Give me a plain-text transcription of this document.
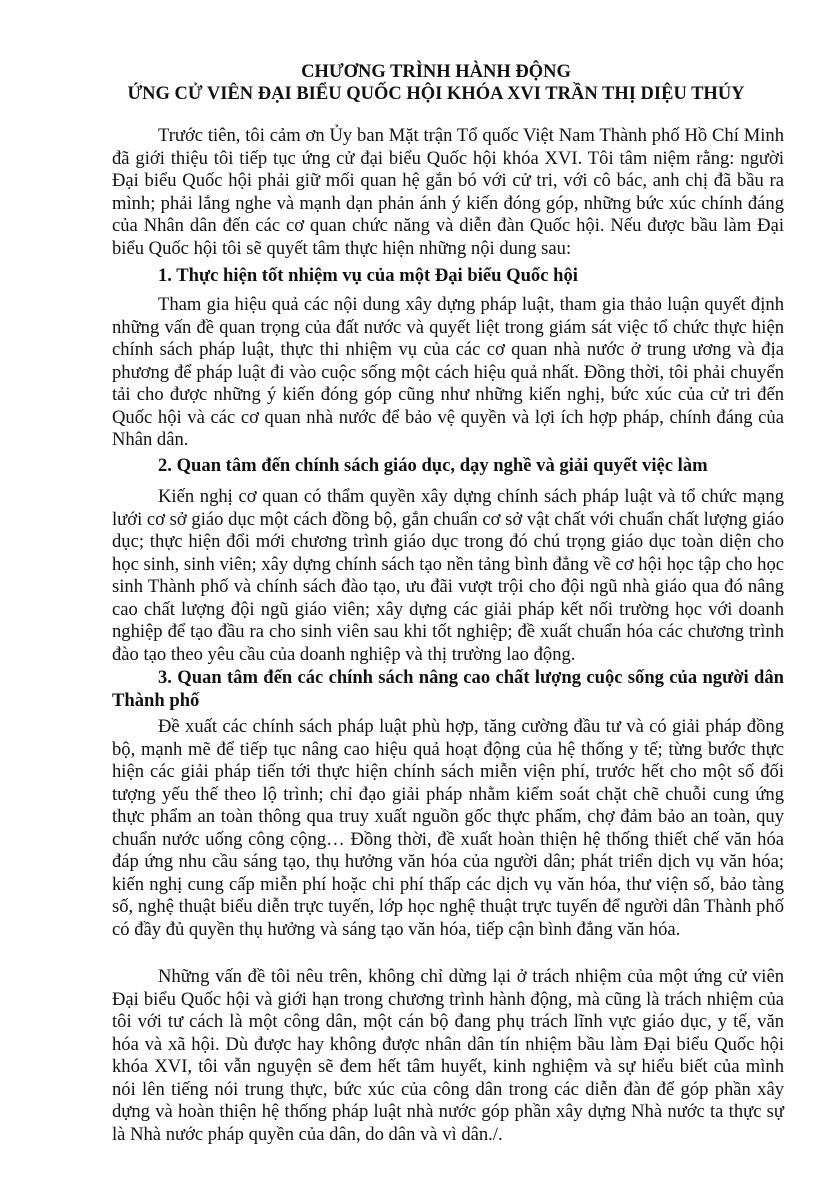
CHƯƠNG TRÌNH HÀNH ĐỘNG

ỨNG CỬ VIÊN ĐẠI BIỂU QUỐC HỘI KHÓA XVI TRẦN THỊ DIỆU THÚY

Trước tiên, tôi cảm ơn Ủy ban Mặt trận Tổ quốc Việt Nam Thành phố Hồ Chí Minh đã giới thiệu tôi tiếp tục ứng cử đại biểu Quốc hội khóa XVI. Tôi tâm niệm rằng: người Đại biểu Quốc hội phải giữ mối quan hệ gắn bó với cử tri, với cô bác, anh chị đã bầu ra mình; phải lắng nghe và mạnh dạn phản ánh ý kiến đóng góp, những bức xúc chính đáng của Nhân dân đến các cơ quan chức năng và diễn đàn Quốc hội. Nếu được bầu làm Đại biểu Quốc hội tôi sẽ quyết tâm thực hiện những nội dung sau:

1. Thực hiện tốt nhiệm vụ của một Đại biểu Quốc hội

Tham gia hiệu quả các nội dung xây dựng pháp luật, tham gia thảo luận quyết định những vấn đề quan trọng của đất nước và quyết liệt trong giám sát việc tổ chức thực hiện chính sách pháp luật, thực thi nhiệm vụ của các cơ quan nhà nước ở trung ương và địa phương để pháp luật đi vào cuộc sống một cách hiệu quả nhất. Đồng thời, tôi phải chuyển tải cho được những ý kiến đóng góp cũng như những kiến nghị, bức xúc của cử tri đến Quốc hội và các cơ quan nhà nước để bảo vệ quyền và lợi ích hợp pháp, chính đáng của Nhân dân.

2. Quan tâm đến chính sách giáo dục, dạy nghề và giải quyết việc làm

Kiến nghị cơ quan có thẩm quyền xây dựng chính sách pháp luật và tổ chức mạng lưới cơ sở giáo dục một cách đồng bộ, gắn chuẩn cơ sở vật chất với chuẩn chất lượng giáo dục; thực hiện đổi mới chương trình giáo dục trong đó chú trọng giáo dục toàn diện cho học sinh, sinh viên; xây dựng chính sách tạo nền tảng bình đẳng về cơ hội học tập cho học sinh Thành phố và chính sách đào tạo, ưu đãi vượt trội cho đội ngũ nhà giáo qua đó nâng cao chất lượng đội ngũ giáo viên; xây dựng các giải pháp kết nối trường học với doanh nghiệp để tạo đầu ra cho sinh viên sau khi tốt nghiệp; đề xuất chuẩn hóa các chương trình đào tạo theo yêu cầu của doanh nghiệp và thị trường lao động.

3. Quan tâm đến các chính sách nâng cao chất lượng cuộc sống của người dân Thành phố

Đề xuất các chính sách pháp luật phù hợp, tăng cường đầu tư và có giải pháp đồng bộ, mạnh mẽ để tiếp tục nâng cao hiệu quả hoạt động của hệ thống y tế; từng bước thực hiện các giải pháp tiến tới thực hiện chính sách miễn viện phí, trước hết cho một số đối tượng yếu thế theo lộ trình; chỉ đạo giải pháp nhằm kiểm soát chặt chẽ chuỗi cung ứng thực phẩm an toàn thông qua truy xuất nguồn gốc thực phẩm, chợ đảm bảo an toàn, quy chuẩn nước uống công cộng… Đồng thời, đề xuất hoàn thiện hệ thống thiết chế văn hóa đáp ứng nhu cầu sáng tạo, thụ hưởng văn hóa của người dân; phát triển dịch vụ văn hóa; kiến nghị cung cấp miễn phí hoặc chi phí thấp các dịch vụ văn hóa, thư viện số, bảo tàng số, nghệ thuật biểu diễn trực tuyến, lớp học nghệ thuật trực tuyến để người dân Thành phố có đầy đủ quyền thụ hưởng và sáng tạo văn hóa, tiếp cận bình đẳng văn hóa.

Những vấn đề tôi nêu trên, không chỉ dừng lại ở trách nhiệm của một ứng cử viên Đại biểu Quốc hội và giới hạn trong chương trình hành động, mà cũng là trách nhiệm của tôi với tư cách là một công dân, một cán bộ đang phụ trách lĩnh vực giáo dục, y tế, văn hóa và xã hội. Dù được hay không được nhân dân tín nhiệm bầu làm Đại biểu Quốc hội khóa XVI, tôi vẫn nguyện sẽ đem hết tâm huyết, kinh nghiệm và sự hiểu biết của mình nói lên tiếng nói trung thực, bức xúc của công dân trong các diễn đàn để góp phần xây dựng và hoàn thiện hệ thống pháp luật nhà nước góp phần xây dựng Nhà nước ta thực sự là Nhà nước pháp quyền của dân, do dân và vì dân./.
